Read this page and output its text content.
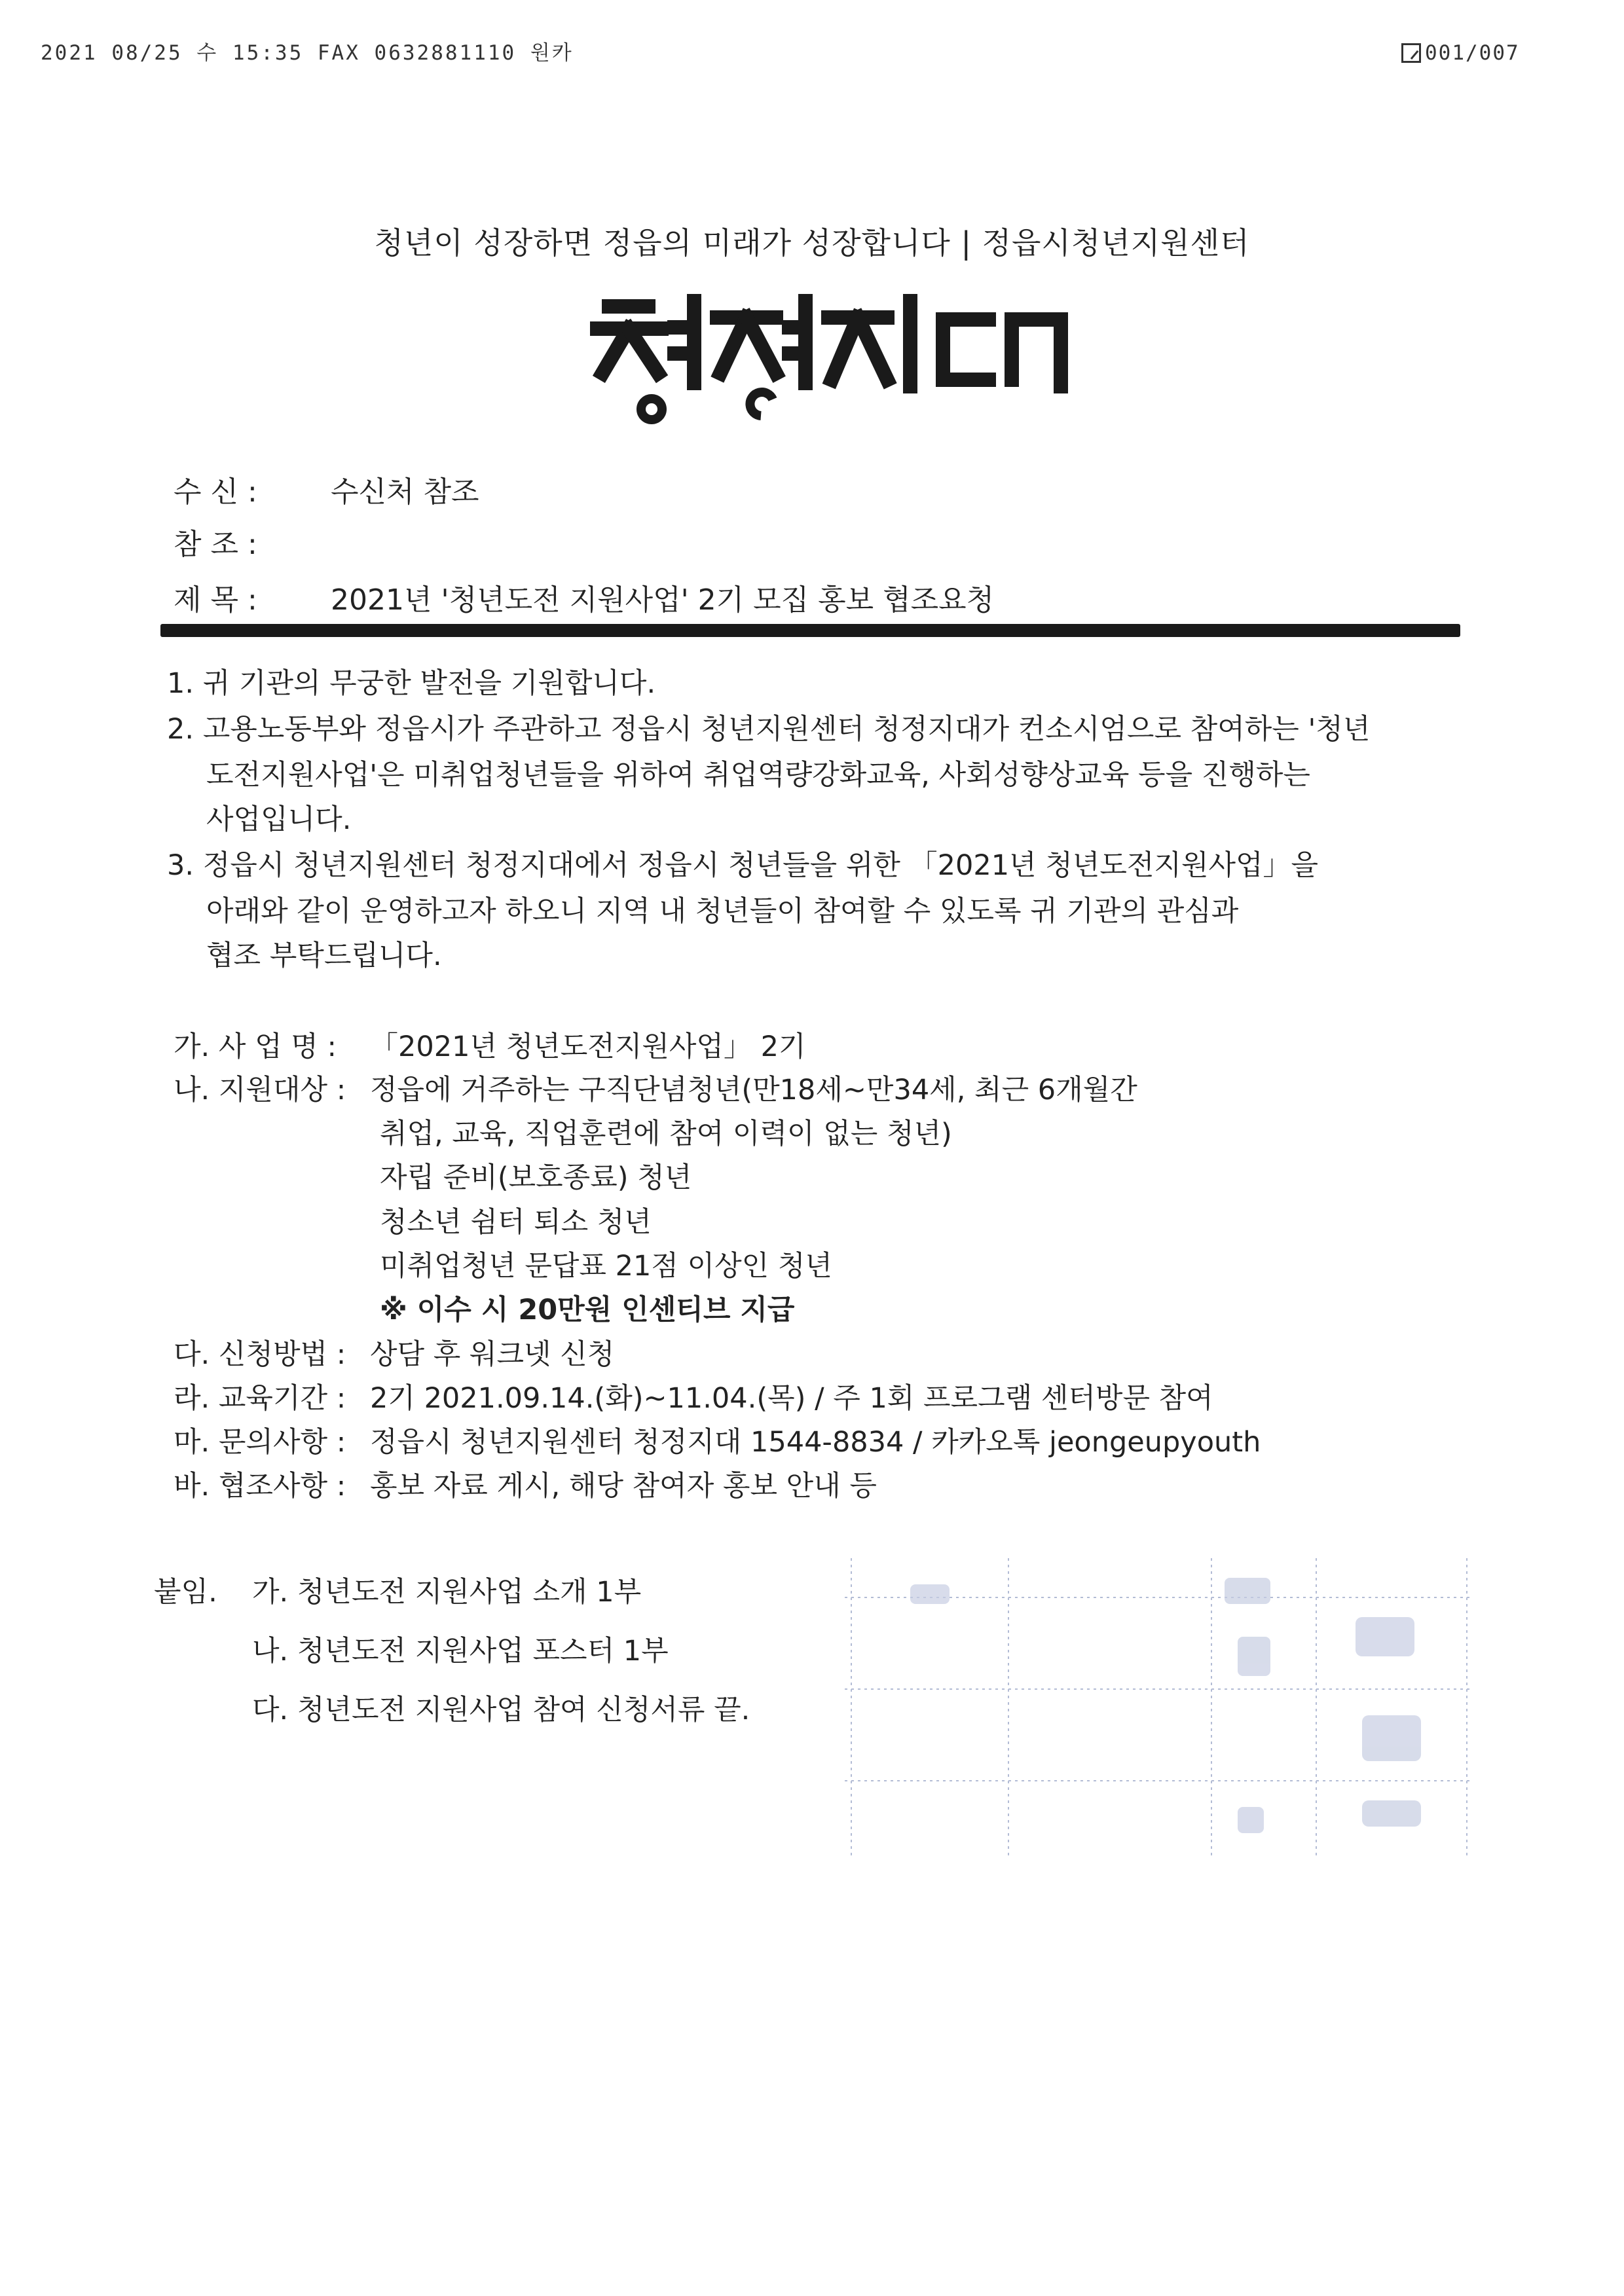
2021 08/25 수 15:35 FAX 0632881110 원카	001/007
청년이 성장하면 정읍의 미래가 성장합니다 | 정읍시청년지원센터
수 신 :	수신처 참조
참 조 :
제 목 :	2021년 '청년도전 지원사업' 2기 모집 홍보 협조요청
1. 귀 기관의 무궁한 발전을 기원합니다.
2. 고용노동부와 정읍시가 주관하고 정읍시 청년지원센터 청정지대가 컨소시엄으로 참여하는 '청년
도전지원사업'은 미취업청년들을 위하여 취업역량강화교육, 사회성향상교육 등을 진행하는
사업입니다.
3. 정읍시 청년지원센터 청정지대에서 정읍시 청년들을 위한 「2021년 청년도전지원사업」을
아래와 같이 운영하고자 하오니 지역 내 청년들이 참여할 수 있도록 귀 기관의 관심과
협조 부탁드립니다.
가. 사 업 명 : 「2021년 청년도전지원사업」 2기
나. 지원대상 : 정읍에 거주하는 구직단념청년(만18세~만34세, 최근 6개월간
취업, 교육, 직업훈련에 참여 이력이 없는 청년)
자립 준비(보호종료) 청년
청소년 쉼터 퇴소 청년
미취업청년 문답표 21점 이상인 청년
※ 이수 시 20만원 인센티브 지급
다. 신청방법 : 상담 후 워크넷 신청
라. 교육기간 : 2기 2021.09.14.(화)~11.04.(목) / 주 1회 프로그램 센터방문 참여
마. 문의사항 : 정읍시 청년지원센터 청정지대 1544-8834 / 카카오톡 jeongeupyouth
바. 협조사항 : 홍보 자료 게시, 해당 참여자 홍보 안내 등
붙임. 가. 청년도전 지원사업 소개 1부
나. 청년도전 지원사업 포스터 1부
다. 청년도전 지원사업 참여 신청서류 끝.
